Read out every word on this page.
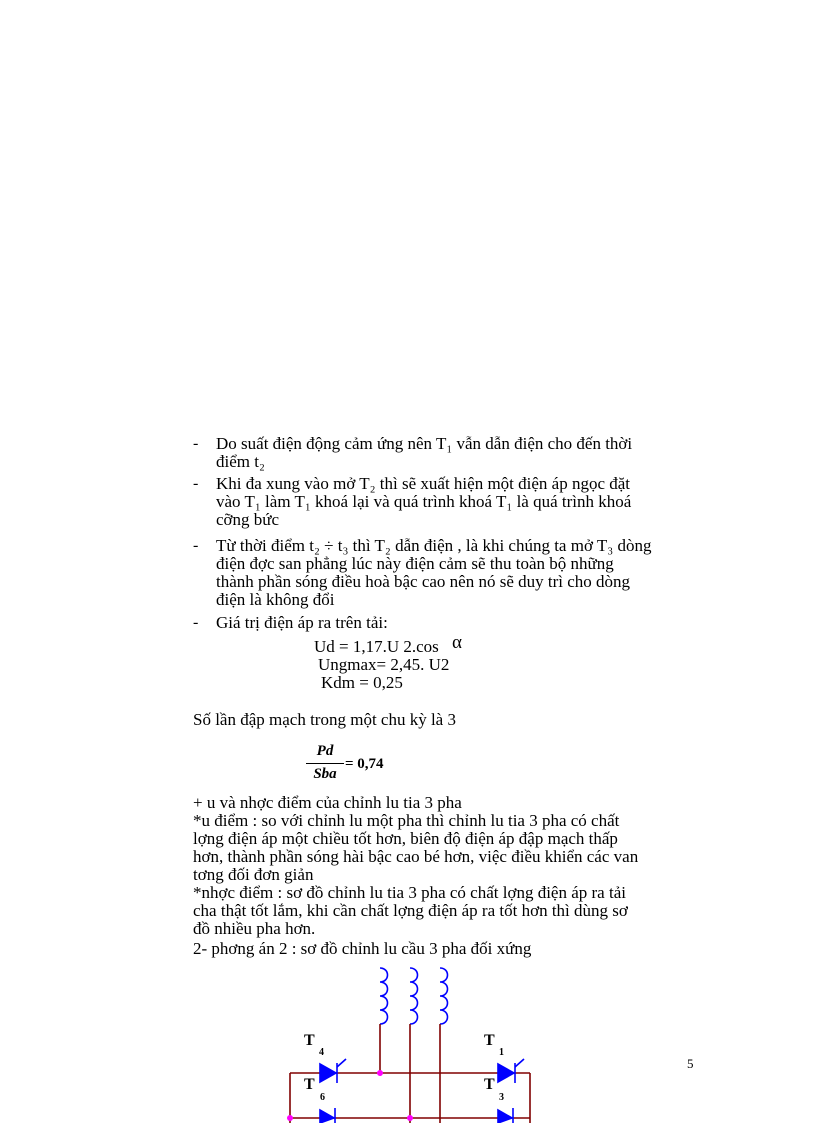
- Do suất điện động cảm ứng nên T₁ vẫn dẫn điện cho đến thời
điểm t₂
- Khi đa xung vào mở T₂ thì sẽ xuất hiện một điện áp ngọc đặt
vào T₁ làm T₁ khoá lại và quá trình khoá T₁ là quá trình khoá
cỡng bức
- Từ thời điểm t₂ ÷ t₃ thì T₂ dẫn điện , là khi chúng ta mở T₃ dòng
điện đợc san phẳng lúc này điện cảm sẽ thu toàn bộ những
thành phần sóng điều hoà bậc cao nên nó sẽ duy trì cho dòng
điện là không đổi
- Giá trị điện áp ra trên tải:
Ud = 1,17.U 2.cos α
Ungmax= 2,45. U2
Kdm = 0,25
Số lần đập mạch trong một chu kỳ là 3
Pd
Sba
= 0,74
+ u và nhợc điểm của chỉnh lu tia 3 pha
*u điểm : so với chỉnh lu một pha thì chỉnh lu tia 3 pha có chất
lợng điện áp một chiều tốt hơn, biên độ điện áp đập mạch thấp
hơn, thành phần sóng hài bậc cao bé hơn, việc điều khiển các van
tơng đối đơn giản
*nhợc điểm : sơ đồ chỉnh lu tia 3 pha có chất lợng điện áp ra tải
cha thật tốt lắm, khi cần chất lợng điện áp ra tốt hơn thì dùng sơ
đồ nhiều pha hơn.
2- phơng án 2 : sơ đồ chỉnh lu cầu 3 pha đối xứng
T
4
T
1
T
6
T
3
5
